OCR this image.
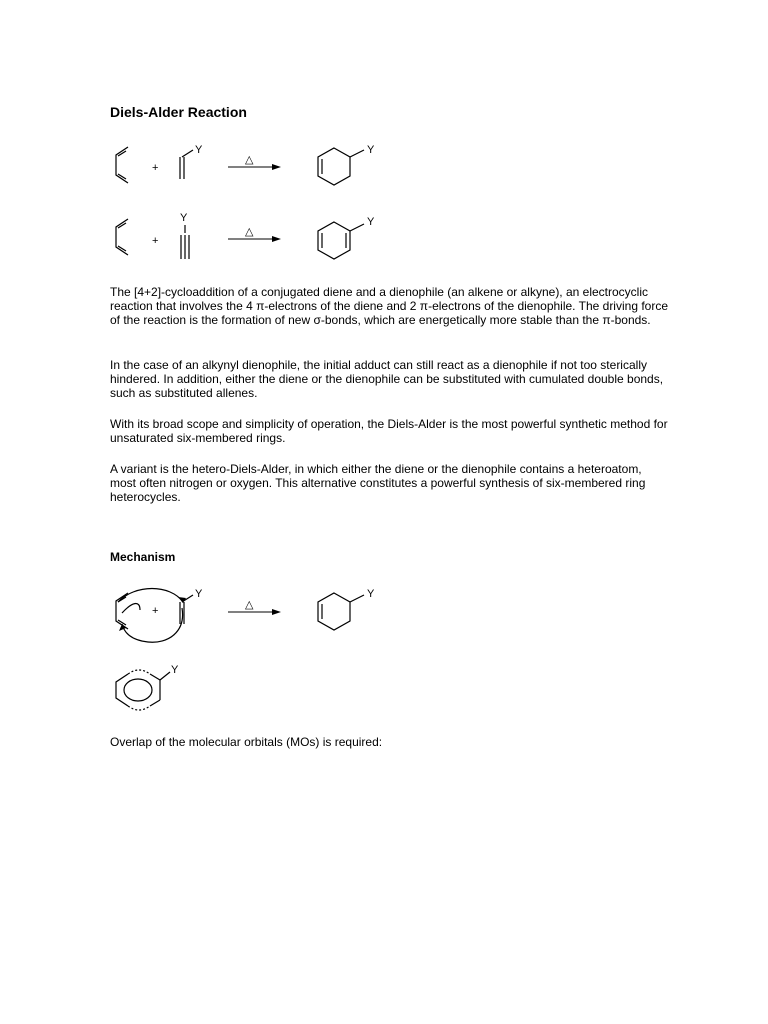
Diels-Alder Reaction
+
Y
△
Y
+
Y
△
Y

The [4+2]-cycloaddition of a conjugated diene and a dienophile (an alkene or alkyne), an electrocyclic reaction that involves the 4 π-electrons of the diene and 2 π-electrons of the dienophile. The driving force of the reaction is the formation of new σ-bonds, which are energetically more stable than the π-bonds.

In the case of an alkynyl dienophile, the initial adduct can still react as a dienophile if not too sterically hindered. In addition, either the diene or the dienophile can be substituted with cumulated double bonds, such as substituted allenes.

With its broad scope and simplicity of operation, the Diels-Alder is the most powerful synthetic method for unsaturated six-membered rings.

A variant is the hetero-Diels-Alder, in which either the diene or the dienophile contains a heteroatom, most often nitrogen or oxygen. This alternative constitutes a powerful synthesis of six-membered ring heterocycles.

Mechanism
+
Y
△
Y
Y

Overlap of the molecular orbitals (MOs) is required:
